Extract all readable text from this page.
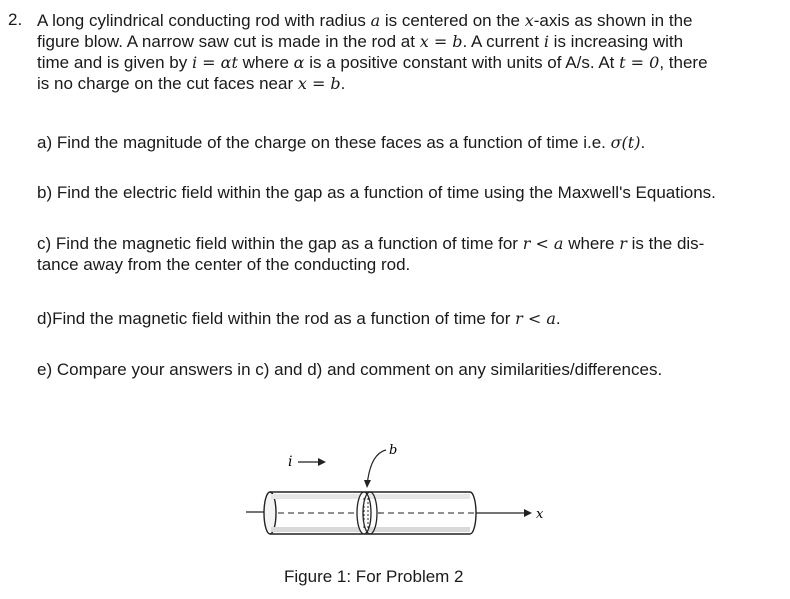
2. A long cylindrical conducting rod with radius a is centered on the x-axis as shown in the
figure blow. A narrow saw cut is made in the rod at x = b. A current i is increasing with
time and is given by i = αt where α is a positive constant with units of A/s. At t = 0, there
is no charge on the cut faces near x = b.
a) Find the magnitude of the charge on these faces as a function of time i.e. σ(t).
b) Find the electric field within the gap as a function of time using the Maxwell's Equations.
c) Find the magnetic field within the gap as a function of time for r < a where r is the dis-
tance away from the center of the conducting rod.
d)Find the magnetic field within the rod as a function of time for r < a.
e) Compare your answers in c) and d) and comment on any similarities/differences.
x
i
b
Figure 1: For Problem 2
